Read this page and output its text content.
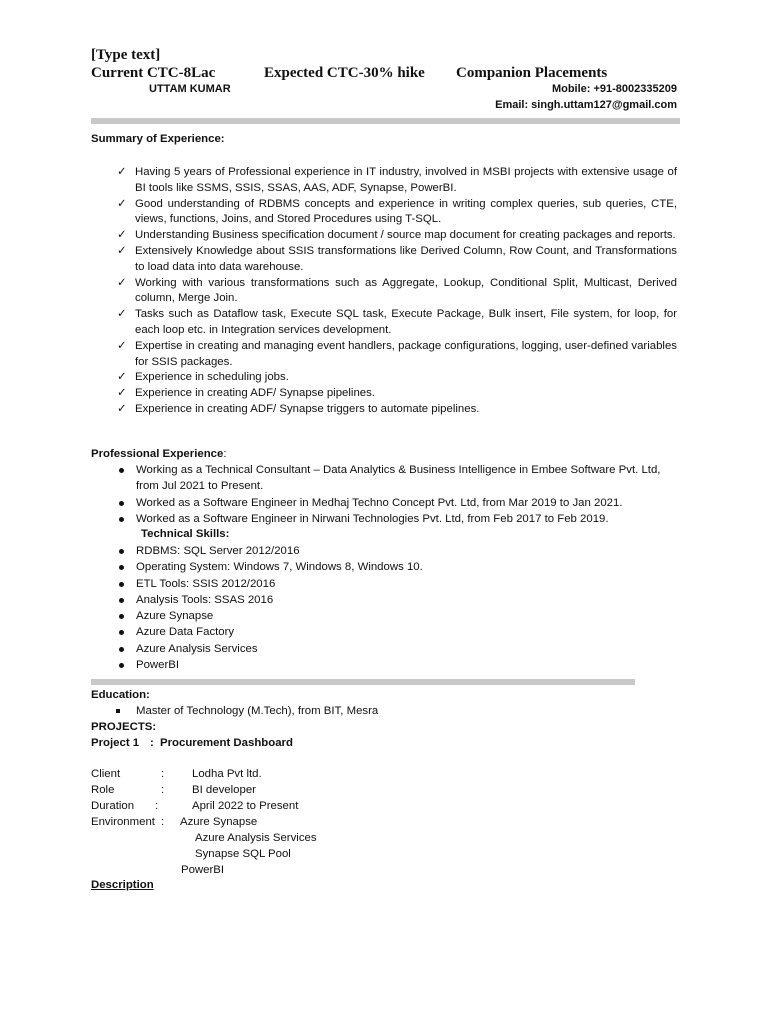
[Type text]
Current CTC-8Lac	Expected CTC-30% hike Companion Placements
UTTAM KUMAR	Mobile: +91-8002335209
Email: singh.uttam127@gmail.com
Summary of Experience:
✓ Having 5 years of Professional experience in IT industry, involved in MSBI projects with extensive usage of BI tools like SSMS, SSIS, SSAS, AAS, ADF, Synapse, PowerBI.
✓ Good understanding of RDBMS concepts and experience in writing complex queries, sub queries, CTE, views, functions, Joins, and Stored Procedures using T-SQL.
✓ Understanding Business specification document / source map document for creating packages and reports.
✓ Extensively Knowledge about SSIS transformations like Derived Column, Row Count, and Transformations to load data into data warehouse.
✓ Working with various transformations such as Aggregate, Lookup, Conditional Split, Multicast, Derived column, Merge Join.
✓ Tasks such as Dataflow task, Execute SQL task, Execute Package, Bulk insert, File system, for loop, for each loop etc. in Integration services development.
✓ Expertise in creating and managing event handlers, package configurations, logging, user-defined variables for SSIS packages.
✓ Experience in scheduling jobs.
✓ Experience in creating ADF/ Synapse pipelines.
✓ Experience in creating ADF/ Synapse triggers to automate pipelines.
Professional Experience:
Working as a Technical Consultant – Data Analytics & Business Intelligence in Embee Software Pvt. Ltd, from Jul 2021 to Present.
Worked as a Software Engineer in Medhaj Techno Concept Pvt. Ltd, from Mar 2019 to Jan 2021.
Worked as a Software Engineer in Nirwani Technologies Pvt. Ltd, from Feb 2017 to Feb 2019.
Technical Skills:
RDBMS: SQL Server 2012/2016
Operating System: Windows 7, Windows 8, Windows 10.
ETL Tools: SSIS 2012/2016
Analysis Tools: SSAS 2016
Azure Synapse
Azure Data Factory
Azure Analysis Services
PowerBI
Education:
Master of Technology (M.Tech), from BIT, Mesra
PROJECTS:
Project 1 : Procurement Dashboard
Client	: Lodha Pvt ltd.
Role	: BI developer
Duration :	April 2022 to Present
Environment : Azure Synapse
Azure Analysis Services
Synapse SQL Pool
PowerBI
Description
